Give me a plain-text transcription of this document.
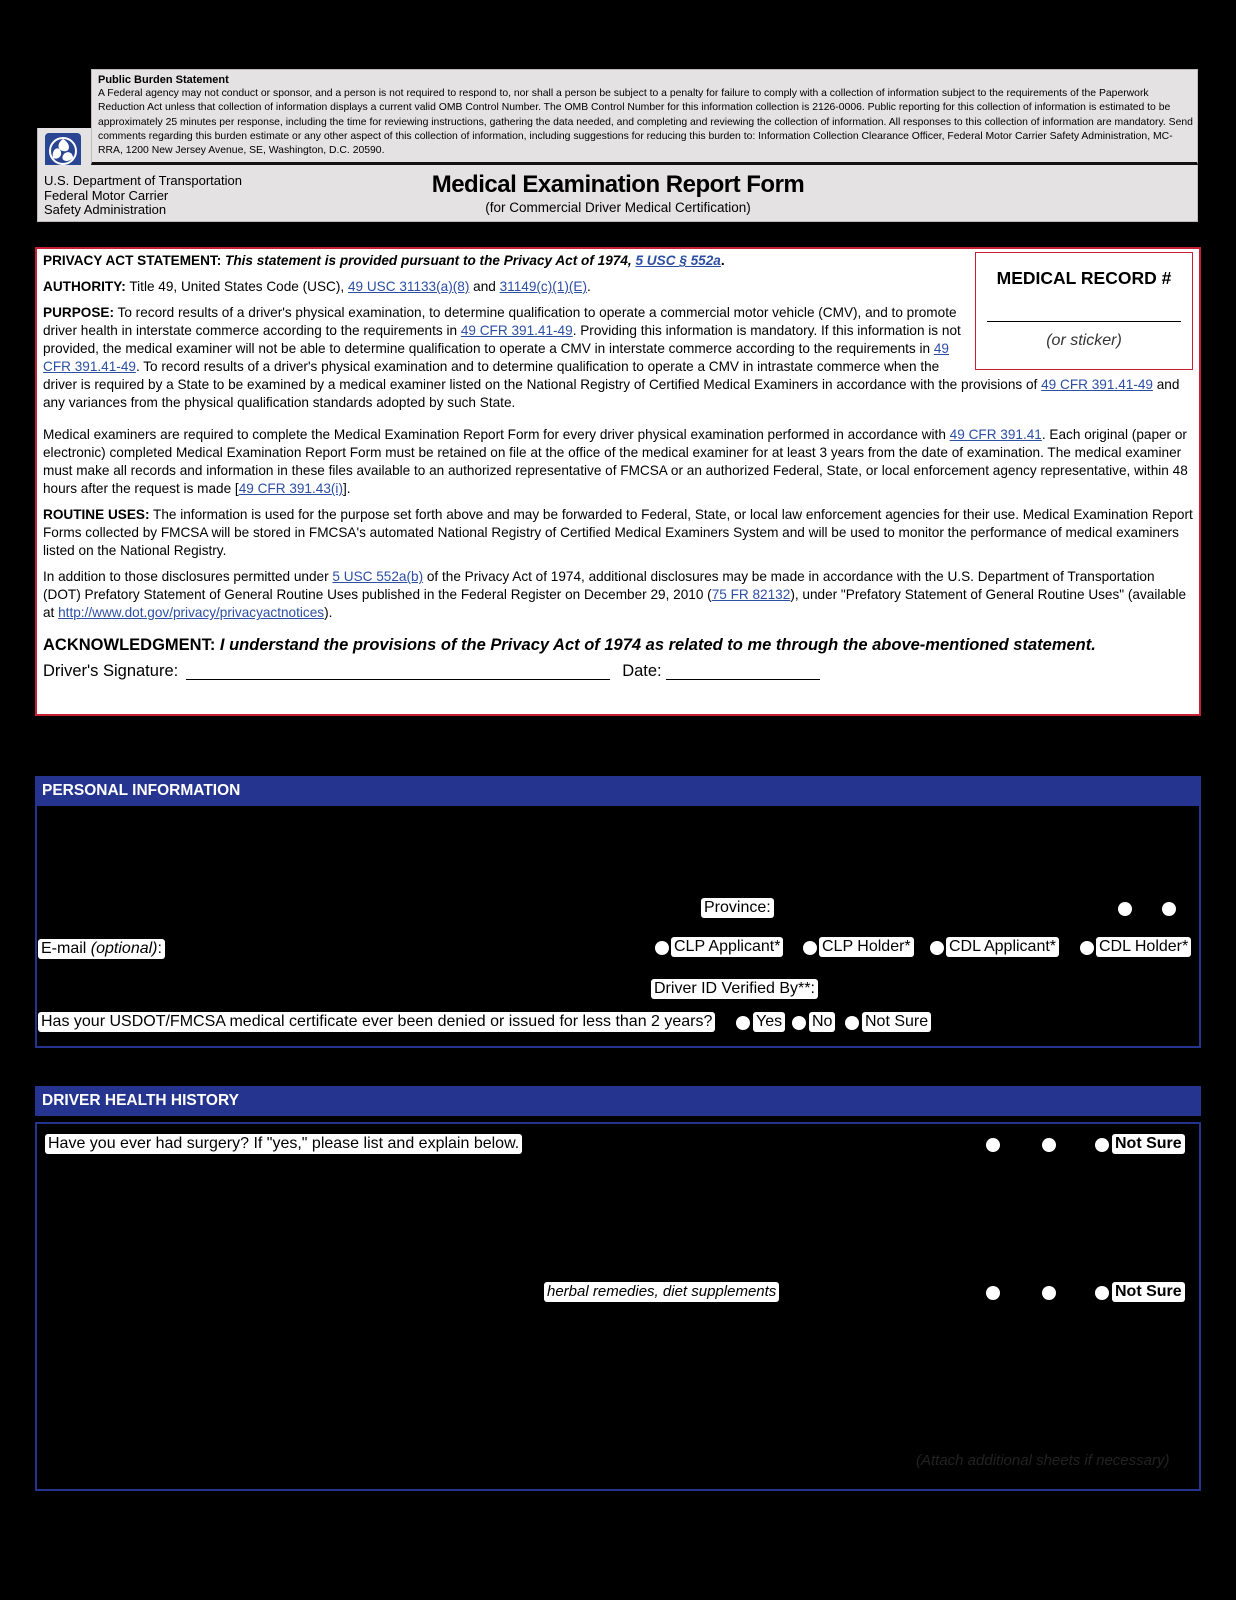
Public Burden Statement
A Federal agency may not conduct or sponsor, and a person is not required to respond to, nor shall a person be subject to a penalty for failure to comply with a collection of information subject to the requirements of the Paperwork Reduction Act unless that collection of information displays a current valid OMB Control Number. The OMB Control Number for this information collection is 2126-0006. Public reporting for this collection of information is estimated to be approximately 25 minutes per response, including the time for reviewing instructions, gathering the data needed, and completing and reviewing the collection of information. All responses to this collection of information are mandatory. Send comments regarding this burden estimate or any other aspect of this collection of information, including suggestions for reducing this burden to: Information Collection Clearance Officer, Federal Motor Carrier Safety Administration, MC-RRA, 1200 New Jersey Avenue, SE, Washington, D.C. 20590.
U.S. Department of Transportation
Federal Motor Carrier
Safety Administration
Medical Examination Report Form
(for Commercial Driver Medical Certification)
MEDICAL RECORD #
(or sticker)

PRIVACY ACT STATEMENT: This statement is provided pursuant to the Privacy Act of 1974, 5 USC § 552a.

AUTHORITY: Title 49, United States Code (USC), 49 USC 31133(a)(8) and 31149(c)(1)(E).

PURPOSE: To record results of a driver's physical examination, to determine qualification to operate a commercial motor vehicle (CMV), and to promote driver health in interstate commerce according to the requirements in 49 CFR 391.41-49. Providing this information is mandatory. If this information is not provided, the medical examiner will not be able to determine qualification to operate a CMV in interstate commerce according to the requirements in 49 CFR 391.41-49. To record results of a driver's physical examination and to determine qualification to operate a CMV in intrastate commerce when the driver is required by a State to be examined by a medical examiner listed on the National Registry of Certified Medical Examiners in accordance with the provisions of 49 CFR 391.41-49 and any variances from the physical qualification standards adopted by such State.

Medical examiners are required to complete the Medical Examination Report Form for every driver physical examination performed in accordance with 49 CFR 391.41. Each original (paper or electronic) completed Medical Examination Report Form must be retained on file at the office of the medical examiner for at least 3 years from the date of examination. The medical examiner must make all records and information in these files available to an authorized representative of FMCSA or an authorized Federal, State, or local enforcement agency representative, within 48 hours after the request is made [49 CFR 391.43(i)].

ROUTINE USES: The information is used for the purpose set forth above and may be forwarded to Federal, State, or local law enforcement agencies for their use. Medical Examination Report Forms collected by FMCSA will be stored in FMCSA's automated National Registry of Certified Medical Examiners System and will be used to monitor the performance of medical examiners listed on the National Registry.

In addition to those disclosures permitted under 5 USC 552a(b) of the Privacy Act of 1974, additional disclosures may be made in accordance with the U.S. Department of Transportation (DOT) Prefatory Statement of General Routine Uses published in the Federal Register on December 29, 2010 (75 FR 82132), under "Prefatory Statement of General Routine Uses" (available at http://www.dot.gov/privacy/privacyactnotices).

ACKNOWLEDGMENT: I understand the provisions of the Privacy Act of 1974 as related to me through the above-mentioned statement.
Driver's Signature:	Date:
PERSONAL INFORMATION
Province:
E-mail (optional):	CLP Applicant*	CLP Holder* CDL Applicant*	CDL Holder*
Driver ID Verified By**:
Has your USDOT/FMCSA medical certificate ever been denied or issued for less than 2 years?	Yes No Not Sure
DRIVER HEALTH HISTORY
Have you ever had surgery? If "yes," please list and explain below.	Not Sure
herbal remedies, diet supplements	Not Sure
(Attach additional sheets if necessary)
